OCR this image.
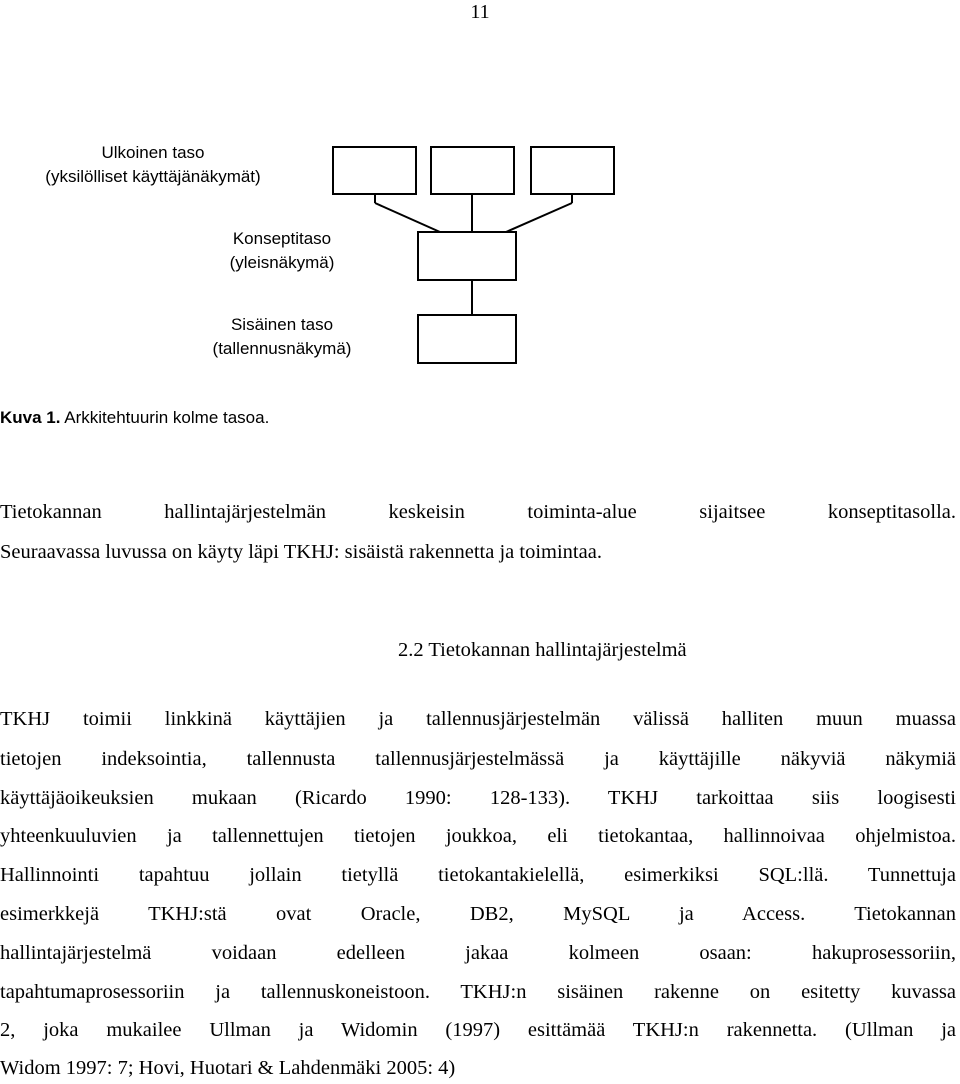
11
Ulkoinen taso
(yksilölliset käyttäjänäkymät)
Konseptitaso
(yleisnäkymä)
Sisäinen taso
(tallennusnäkymä)
Kuva 1. Arkkitehtuurin kolme tasoa.
Tietokannan hallintajärjestelmän keskeisin toiminta-alue sijaitsee konseptitasolla.
Seuraavassa luvussa on käyty läpi TKHJ: sisäistä rakennetta ja toimintaa.
2.2 Tietokannan hallintajärjestelmä
TKHJ toimii linkkinä käyttäjien ja tallennusjärjestelmän välissä halliten muun muassa
tietojen indeksointia, tallennusta tallennusjärjestelmässä ja käyttäjille näkyviä näkymiä
käyttäjäoikeuksien mukaan (Ricardo 1990: 128-133). TKHJ tarkoittaa siis loogisesti
yhteenkuuluvien ja tallennettujen tietojen joukkoa, eli tietokantaa, hallinnoivaa ohjelmistoa.
Hallinnointi tapahtuu jollain tietyllä tietokantakielellä, esimerkiksi SQL:llä. Tunnettuja
esimerkkejä TKHJ:stä ovat Oracle, DB2, MySQL ja Access. Tietokannan
hallintajärjestelmä voidaan edelleen jakaa kolmeen osaan: hakuprosessoriin,
tapahtumaprosessoriin ja tallennuskoneistoon. TKHJ:n sisäinen rakenne on esitetty kuvassa
2, joka mukailee Ullman ja Widomin (1997) esittämää TKHJ:n rakennetta. (Ullman ja
Widom 1997: 7; Hovi, Huotari & Lahdenmäki 2005: 4)
